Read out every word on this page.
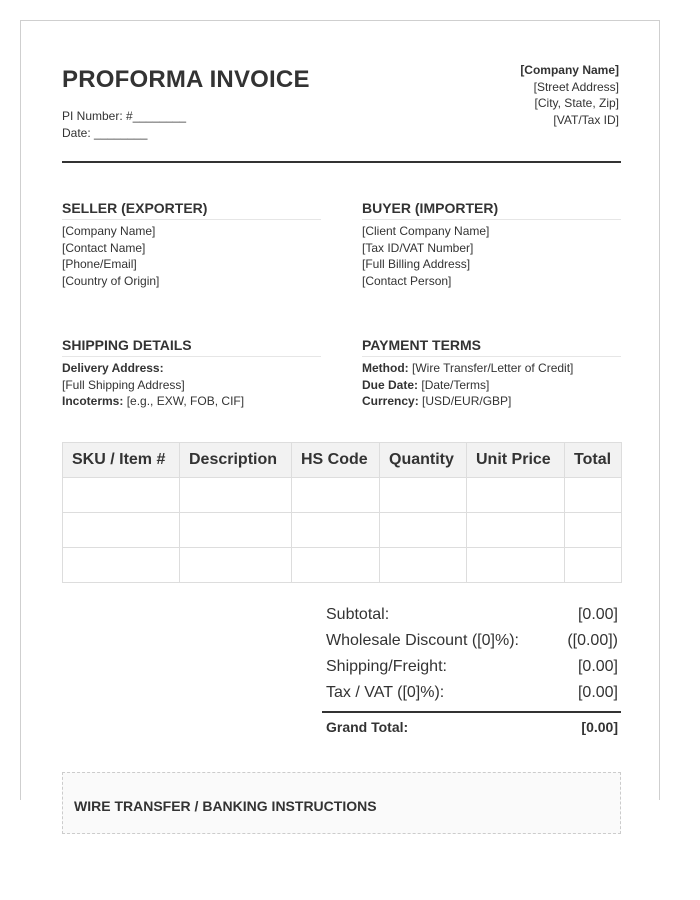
PROFORMA INVOICE
PI Number: #________
Date: ________
[Company Name]
[Street Address]
[City, State, Zip]
[VAT/Tax ID]
SELLER (EXPORTER)
[Company Name]
[Contact Name]
[Phone/Email]
[Country of Origin]
BUYER (IMPORTER)
[Client Company Name]
[Tax ID/VAT Number]
[Full Billing Address]
[Contact Person]
SHIPPING DETAILS
Delivery Address:
[Full Shipping Address]
Incoterms: [e.g., EXW, FOB, CIF]
PAYMENT TERMS
Method: [Wire Transfer/Letter of Credit]
Due Date: [Date/Terms]
Currency: [USD/EUR/GBP]
SKU / Item #	Description	HS Code	Quantity	Unit Price	Total

Subtotal:	[0.00]
Wholesale Discount ([0]%):	([0.00])
Shipping/Freight:	[0.00]
Tax / VAT ([0]%):	[0.00]
Grand Total:	[0.00]
WIRE TRANSFER / BANKING INSTRUCTIONS
